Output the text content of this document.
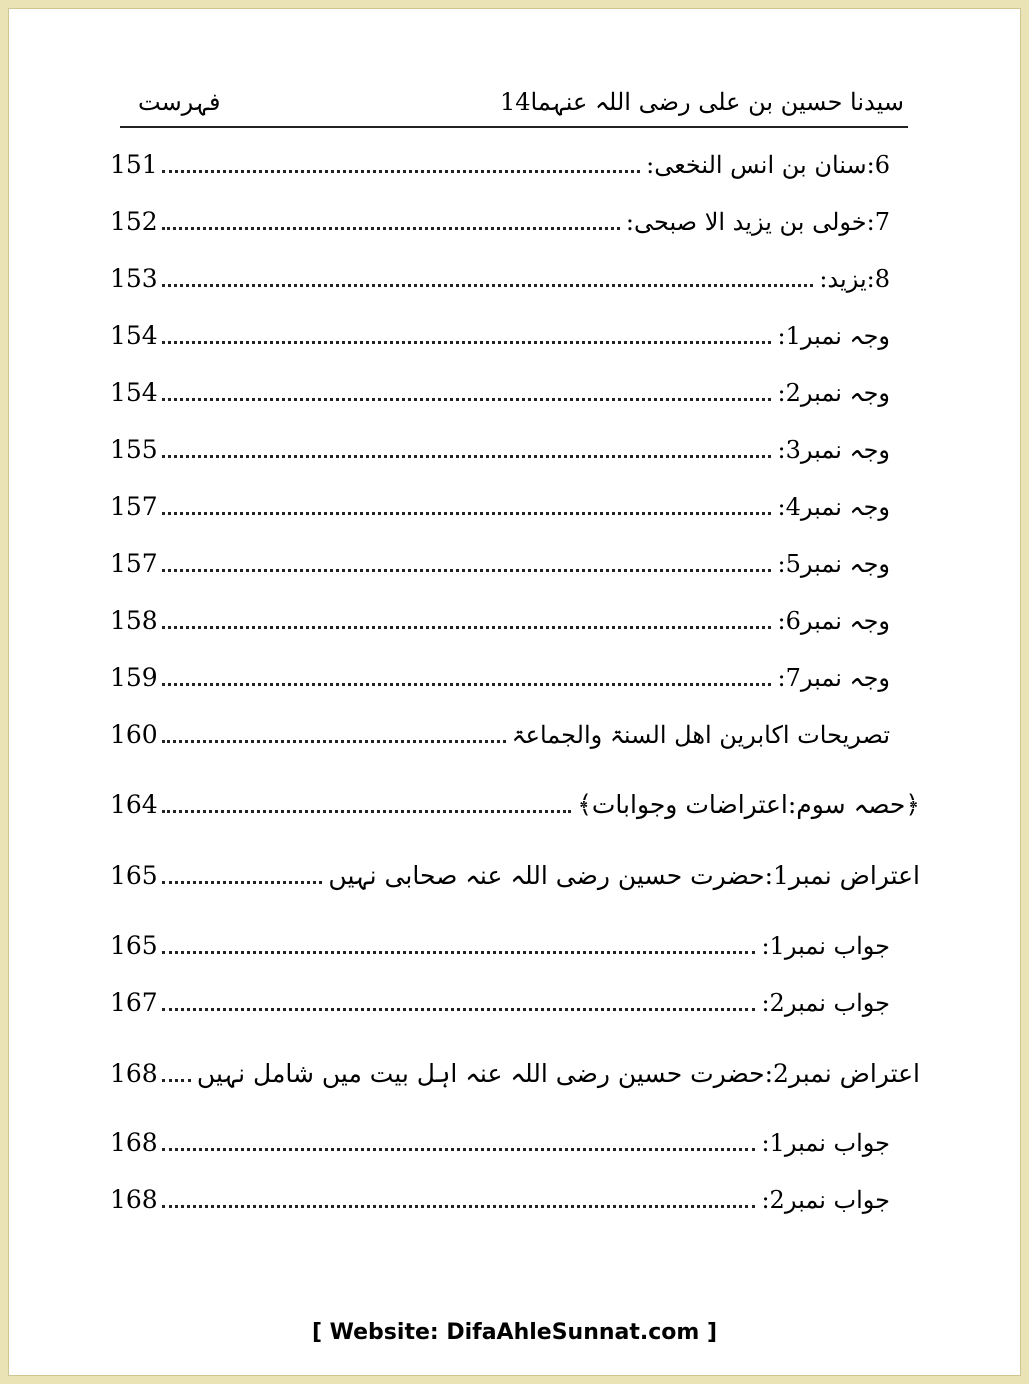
فہرست	14 سیدنا حسین بن علی رضی اللہ عنہما
151	6:سنان بن انس النخعی:
152	7:خولی بن یزید الا صبحی:
153	8:یزید:
154	وجہ نمبر1:
154	وجہ نمبر2:
155	وجہ نمبر3:
157	وجہ نمبر4:
157	وجہ نمبر5:
158	وجہ نمبر6:
159	وجہ نمبر7:
160	تصریحات اکابرین اھل السنۃ والجماعۃ
164	﴿حصہ سوم:اعتراضات وجوابات﴾
165	اعتراض نمبر1:حضرت حسین رضی اللہ عنہ صحابی نہیں
165	جواب نمبر1:
167	جواب نمبر2:
168 اعتراض نمبر2:حضرت حسین رضی اللہ عنہ اہل بیت میں شامل نہیں
168	جواب نمبر1:
168	جواب نمبر2:
[ Website: DifaAhleSunnat.com ]
